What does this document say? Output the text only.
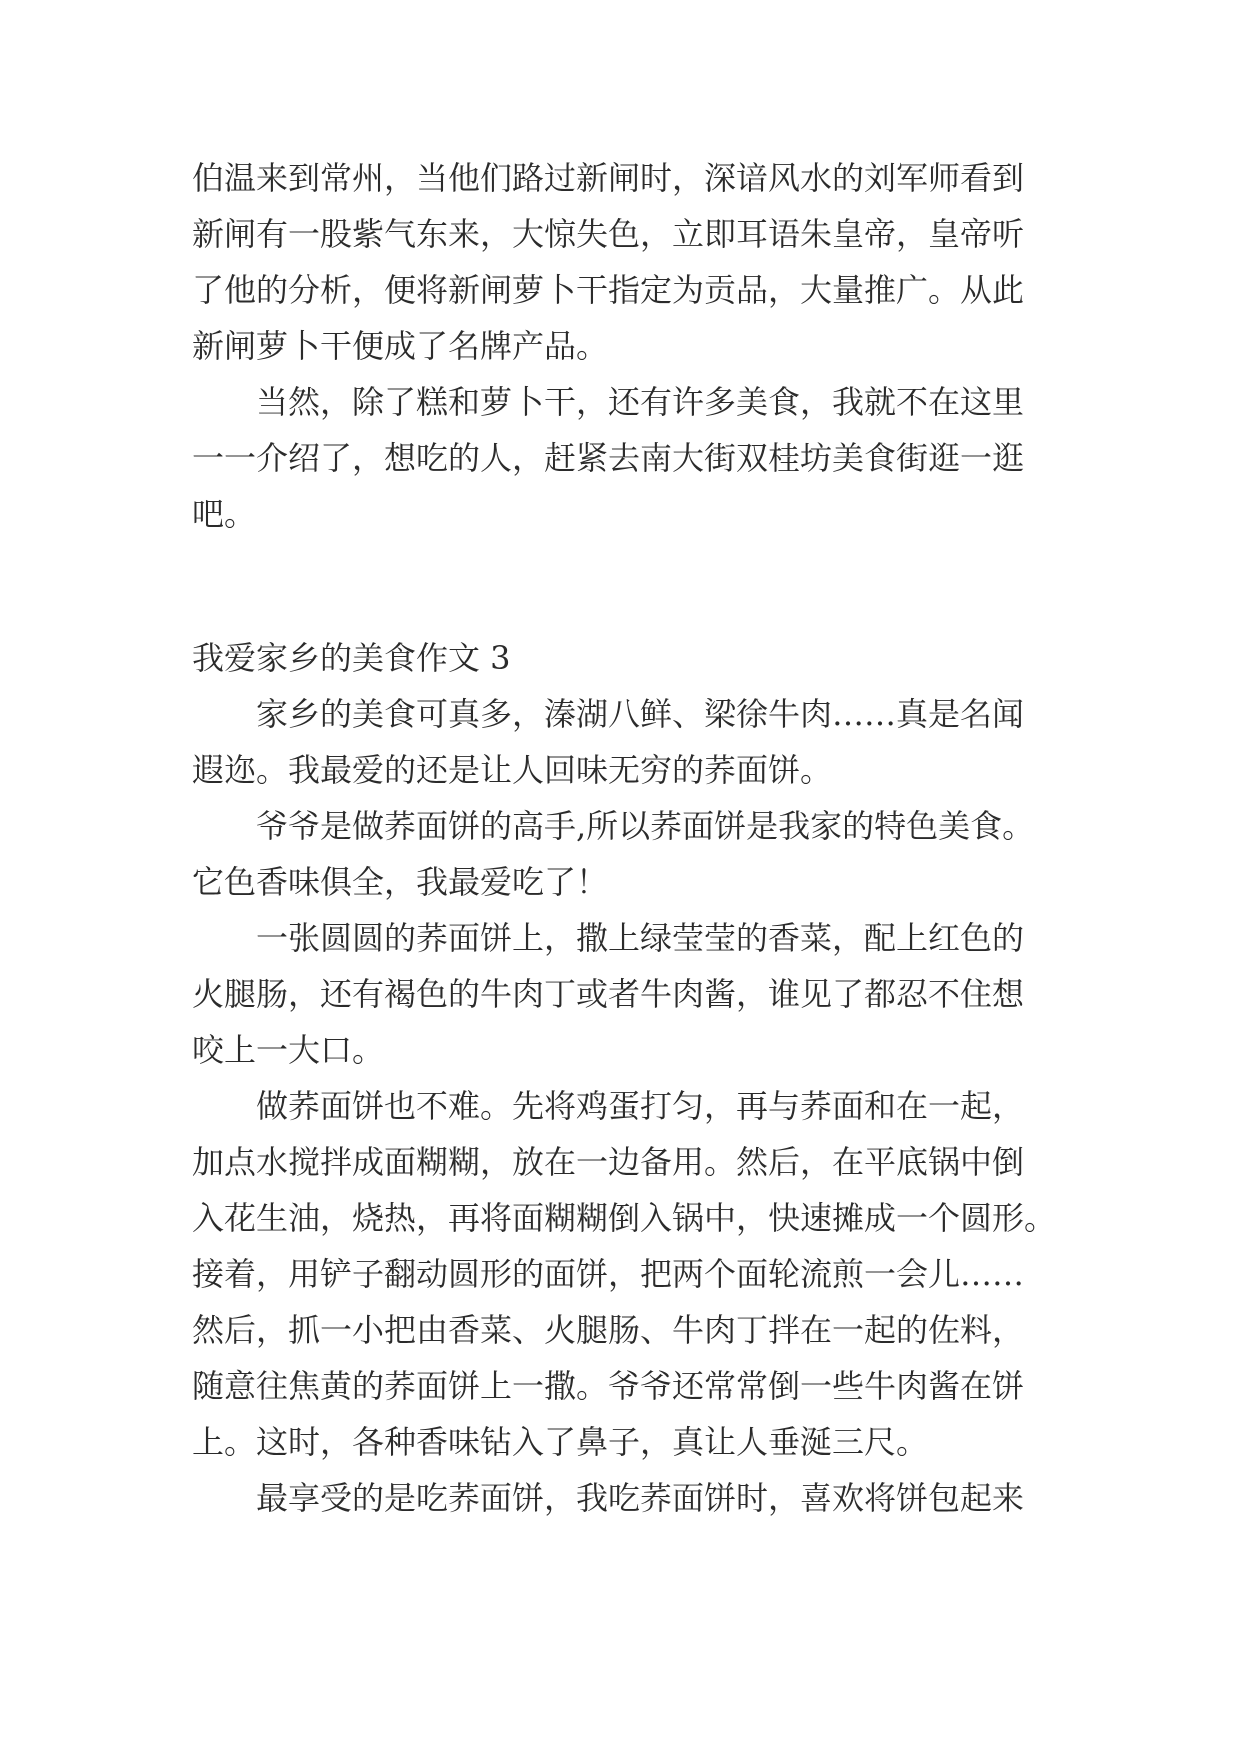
伯温来到常州，当他们路过新闸时，深谙风水的刘军师看到
新闸有一股紫气东来，大惊失色，立即耳语朱皇帝，皇帝听
了他的分析，便将新闸萝卜干指定为贡品，大量推广。从此
新闸萝卜干便成了名牌产品。
当然，除了糕和萝卜干，还有许多美食，我就不在这里
一一介绍了，想吃的人，赶紧去南大街双桂坊美食街逛一逛
吧。
我爱家乡的美食作文 3
家乡的美食可真多，溱湖八鲜、梁徐牛肉……真是名闻
遐迩。我最爱的还是让人回味无穷的荞面饼。
爷爷是做荞面饼的高手,所以荞面饼是我家的特色美食。
它色香味俱全，我最爱吃了！
一张圆圆的荞面饼上，撒上绿莹莹的香菜，配上红色的
火腿肠，还有褐色的牛肉丁或者牛肉酱，谁见了都忍不住想
咬上一大口。
做荞面饼也不难。先将鸡蛋打匀，再与荞面和在一起，
加点水搅拌成面糊糊，放在一边备用。然后，在平底锅中倒
入花生油，烧热，再将面糊糊倒入锅中，快速摊成一个圆形。
接着，用铲子翻动圆形的面饼，把两个面轮流煎一会儿……
然后，抓一小把由香菜、火腿肠、牛肉丁拌在一起的佐料，
随意往焦黄的荞面饼上一撒。爷爷还常常倒一些牛肉酱在饼
上。这时，各种香味钻入了鼻子，真让人垂涎三尺。
最享受的是吃荞面饼，我吃荞面饼时，喜欢将饼包起来
